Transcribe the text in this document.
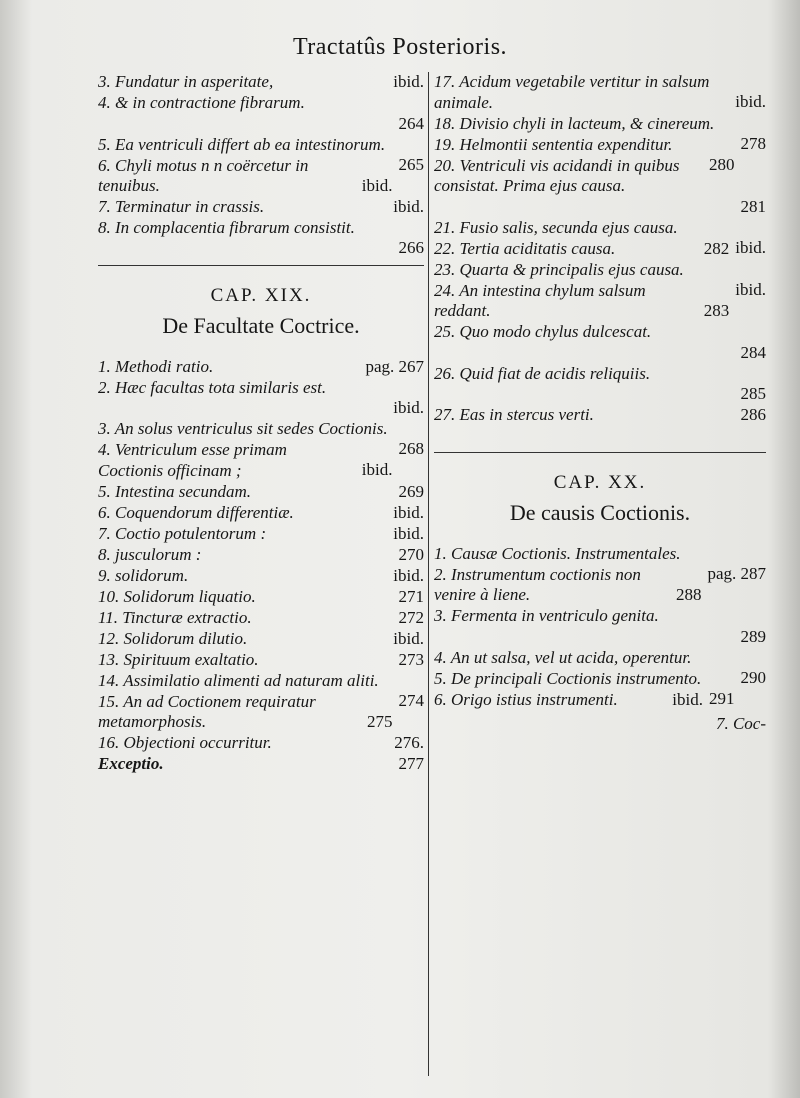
Tractatûs Posterioris.
ibid.
3. Fundatur in asperitate,
4. & in contractione fibrarum.
264
265
5. Ea ventriculi differt ab ea intestinorum.
ibid.
6. Chyli motus n n coërcetur in tenuibus.
ibid.
7. Terminatur in crassis.
266
8. In complacentia fibrarum consistit.
CAP. XIX.
De Facultate Coctrice.
pag. 267
1. Methodi ratio.
2. Hæc facultas tota similaris est.
ibid.
268
3. An solus ventriculus sit sedes Coctionis.
ibid.
4. Ventriculum esse primam Coctionis officinam ;
269
5. Intestina secundam.
ibid.
6. Coquendorum differentiæ.
ibid.
7. Coctio potulentorum :
270
8. jusculorum :
ibid.
9. solidorum.
271
10. Solidorum liquatio.
272
11. Tincturæ extractio.
ibid.
12. Solidorum dilutio.
273
13. Spirituum exaltatio.
274
14. Assimilatio alimenti ad naturam aliti.
275
15. An ad Coctionem requiratur metamorphosis.
276.
16. Objectioni occurritur.
277
Exceptio.
ibid.
17. Acidum vegetabile vertitur in salsum animale.
278
18. Divisio chyli in lacteum, & cinereum.
280
19. Helmontii sententia expenditur.
20. Ventriculi vis acidandi in quibus consistat. Prima ejus causa.
281
ibid.
21. Fusio salis, secunda ejus causa.
282
22. Tertia aciditatis causa.
ibid.
23. Quarta & principalis ejus causa.
283
24. An intestina chylum salsum reddant.
25. Quo modo chylus dulcescat.
284
26. Quid fiat de acidis reliquiis.
285
286
27. Eas in stercus verti.
CAP. XX.
De causis Coctionis.
pag. 287
1. Causæ Coctionis. Instrumentales.
288
2. Instrumentum coctionis non venire à liene.
3. Fermenta in ventriculo genita.
289
290
4. An ut salsa, vel ut acida, operentur.
291
5. De principali Coctionis instrumento.
ibid.
6. Origo istius instrumenti.
7. Coc-
